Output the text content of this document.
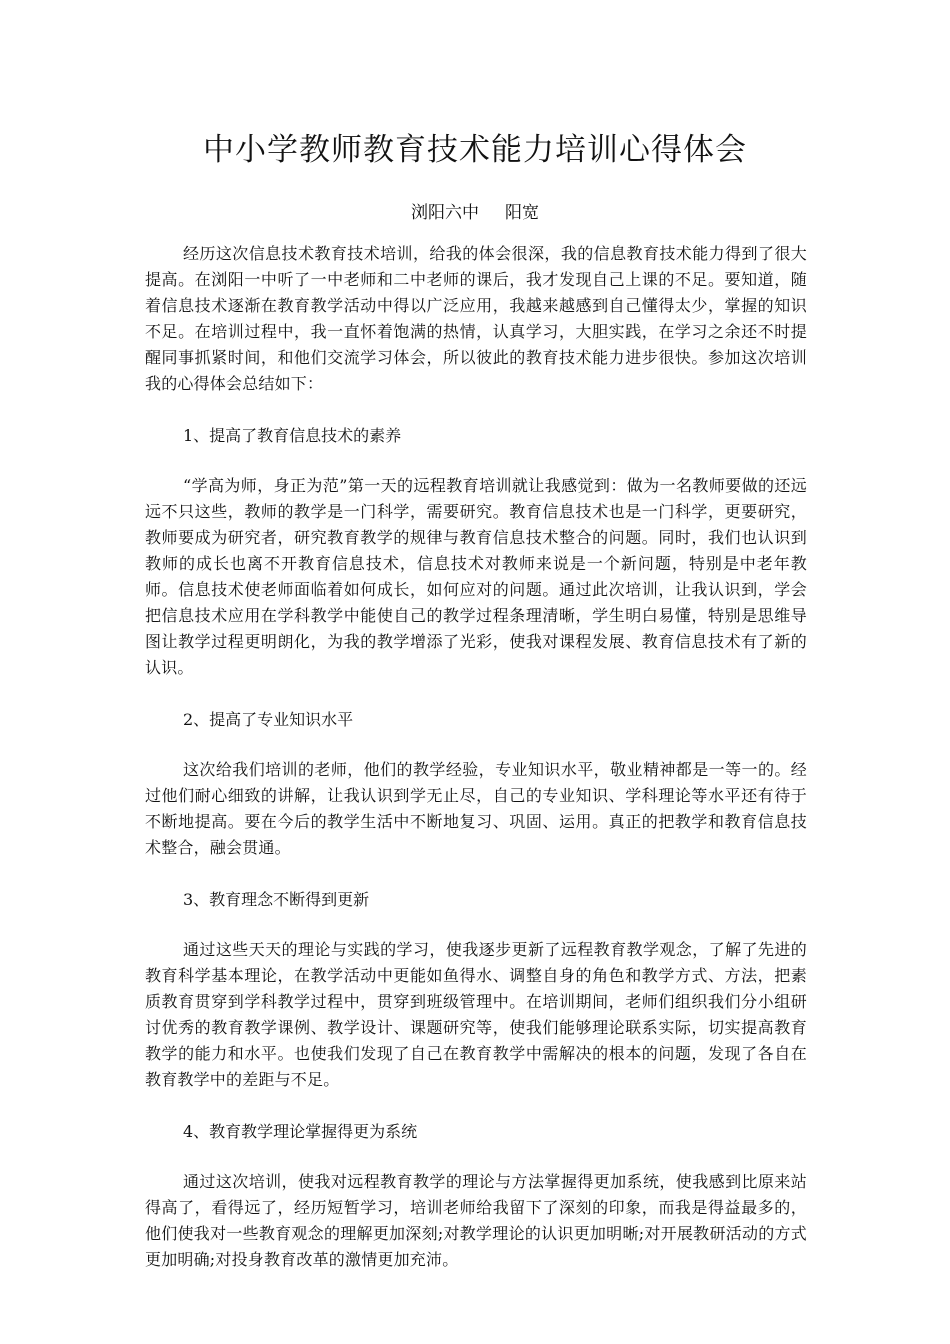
中小学教师教育技术能力培训心得体会
浏阳六中 阳宽

经历这次信息技术教育技术培训，给我的体会很深，我的信息教育技术能力得到了很大提高。在浏阳一中听了一中老师和二中老师的课后，我才发现自己上课的不足。要知道，随着信息技术逐渐在教育教学活动中得以广泛应用，我越来越感到自己懂得太少，掌握的知识不足。在培训过程中，我一直怀着饱满的热情，认真学习，大胆实践，在学习之余还不时提醒同事抓紧时间，和他们交流学习体会，所以彼此的教育技术能力进步很快。参加这次培训我的心得体会总结如下：

1、提高了教育信息技术的素养

“学高为师，身正为范”第一天的远程教育培训就让我感觉到：做为一名教师要做的还远远不只这些，教师的教学是一门科学，需要研究。教育信息技术也是一门科学，更要研究，教师要成为研究者，研究教育教学的规律与教育信息技术整合的问题。同时，我们也认识到教师的成长也离不开教育信息技术，信息技术对教师来说是一个新问题，特别是中老年教师。信息技术使老师面临着如何成长，如何应对的问题。通过此次培训，让我认识到，学会把信息技术应用在学科教学中能使自己的教学过程条理清晰，学生明白易懂，特别是思维导图让教学过程更明朗化，为我的教学增添了光彩，使我对课程发展、教育信息技术有了新的认识。

2、提高了专业知识水平

这次给我们培训的老师，他们的教学经验，专业知识水平，敬业精神都是一等一的。经过他们耐心细致的讲解，让我认识到学无止尽，自己的专业知识、学科理论等水平还有待于不断地提高。要在今后的教学生活中不断地复习、巩固、运用。真正的把教学和教育信息技术整合，融会贯通。

3、教育理念不断得到更新

通过这些天天的理论与实践的学习，使我逐步更新了远程教育教学观念，了解了先进的教育科学基本理论，在教学活动中更能如鱼得水、调整自身的角色和教学方式、方法，把素质教育贯穿到学科教学过程中，贯穿到班级管理中。在培训期间，老师们组织我们分小组研讨优秀的教育教学课例、教学设计、课题研究等，使我们能够理论联系实际，切实提高教育教学的能力和水平。也使我们发现了自己在教育教学中需解决的根本的问题，发现了各自在教育教学中的差距与不足。

4、教育教学理论掌握得更为系统

通过这次培训，使我对远程教育教学的理论与方法掌握得更加系统，使我感到比原来站得高了，看得远了，经历短暂学习，培训老师给我留下了深刻的印象，而我是得益最多的，他们使我对一些教育观念的理解更加深刻;对教学理论的认识更加明晰;对开展教研活动的方式更加明确;对投身教育改革的激情更加充沛。
